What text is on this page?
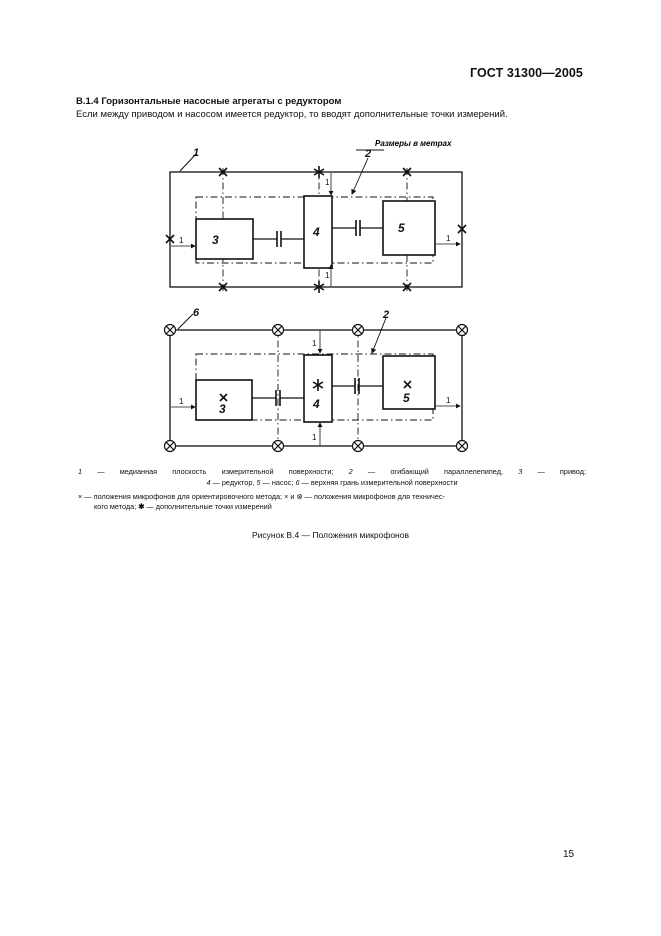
ГОСТ 31300—2005
В.1.4 Горизонтальные насосные агрегаты с редуктором
Если между приводом и насосом имеется редуктор, то вводят дополнительные точки измерений.
Размеры в метрах
1	2
3
4	5
1	1
1
1
6	2
3	4	5
1	1
1
1
1 — медианная плоскость измерительной поверхности; 2 — огибающий параллелепипед, 3 — привод;
4 — редуктор, 5 — насос; 6 — верхняя грань измерительной поверхности
× — положения микрофонов для ориентировочного метода; × и ⊗ — положения микрофонов для техничес-
кого метода; ✱ — дополнительные точки измерений
Рисунок В.4 — Положения микрофонов
15
